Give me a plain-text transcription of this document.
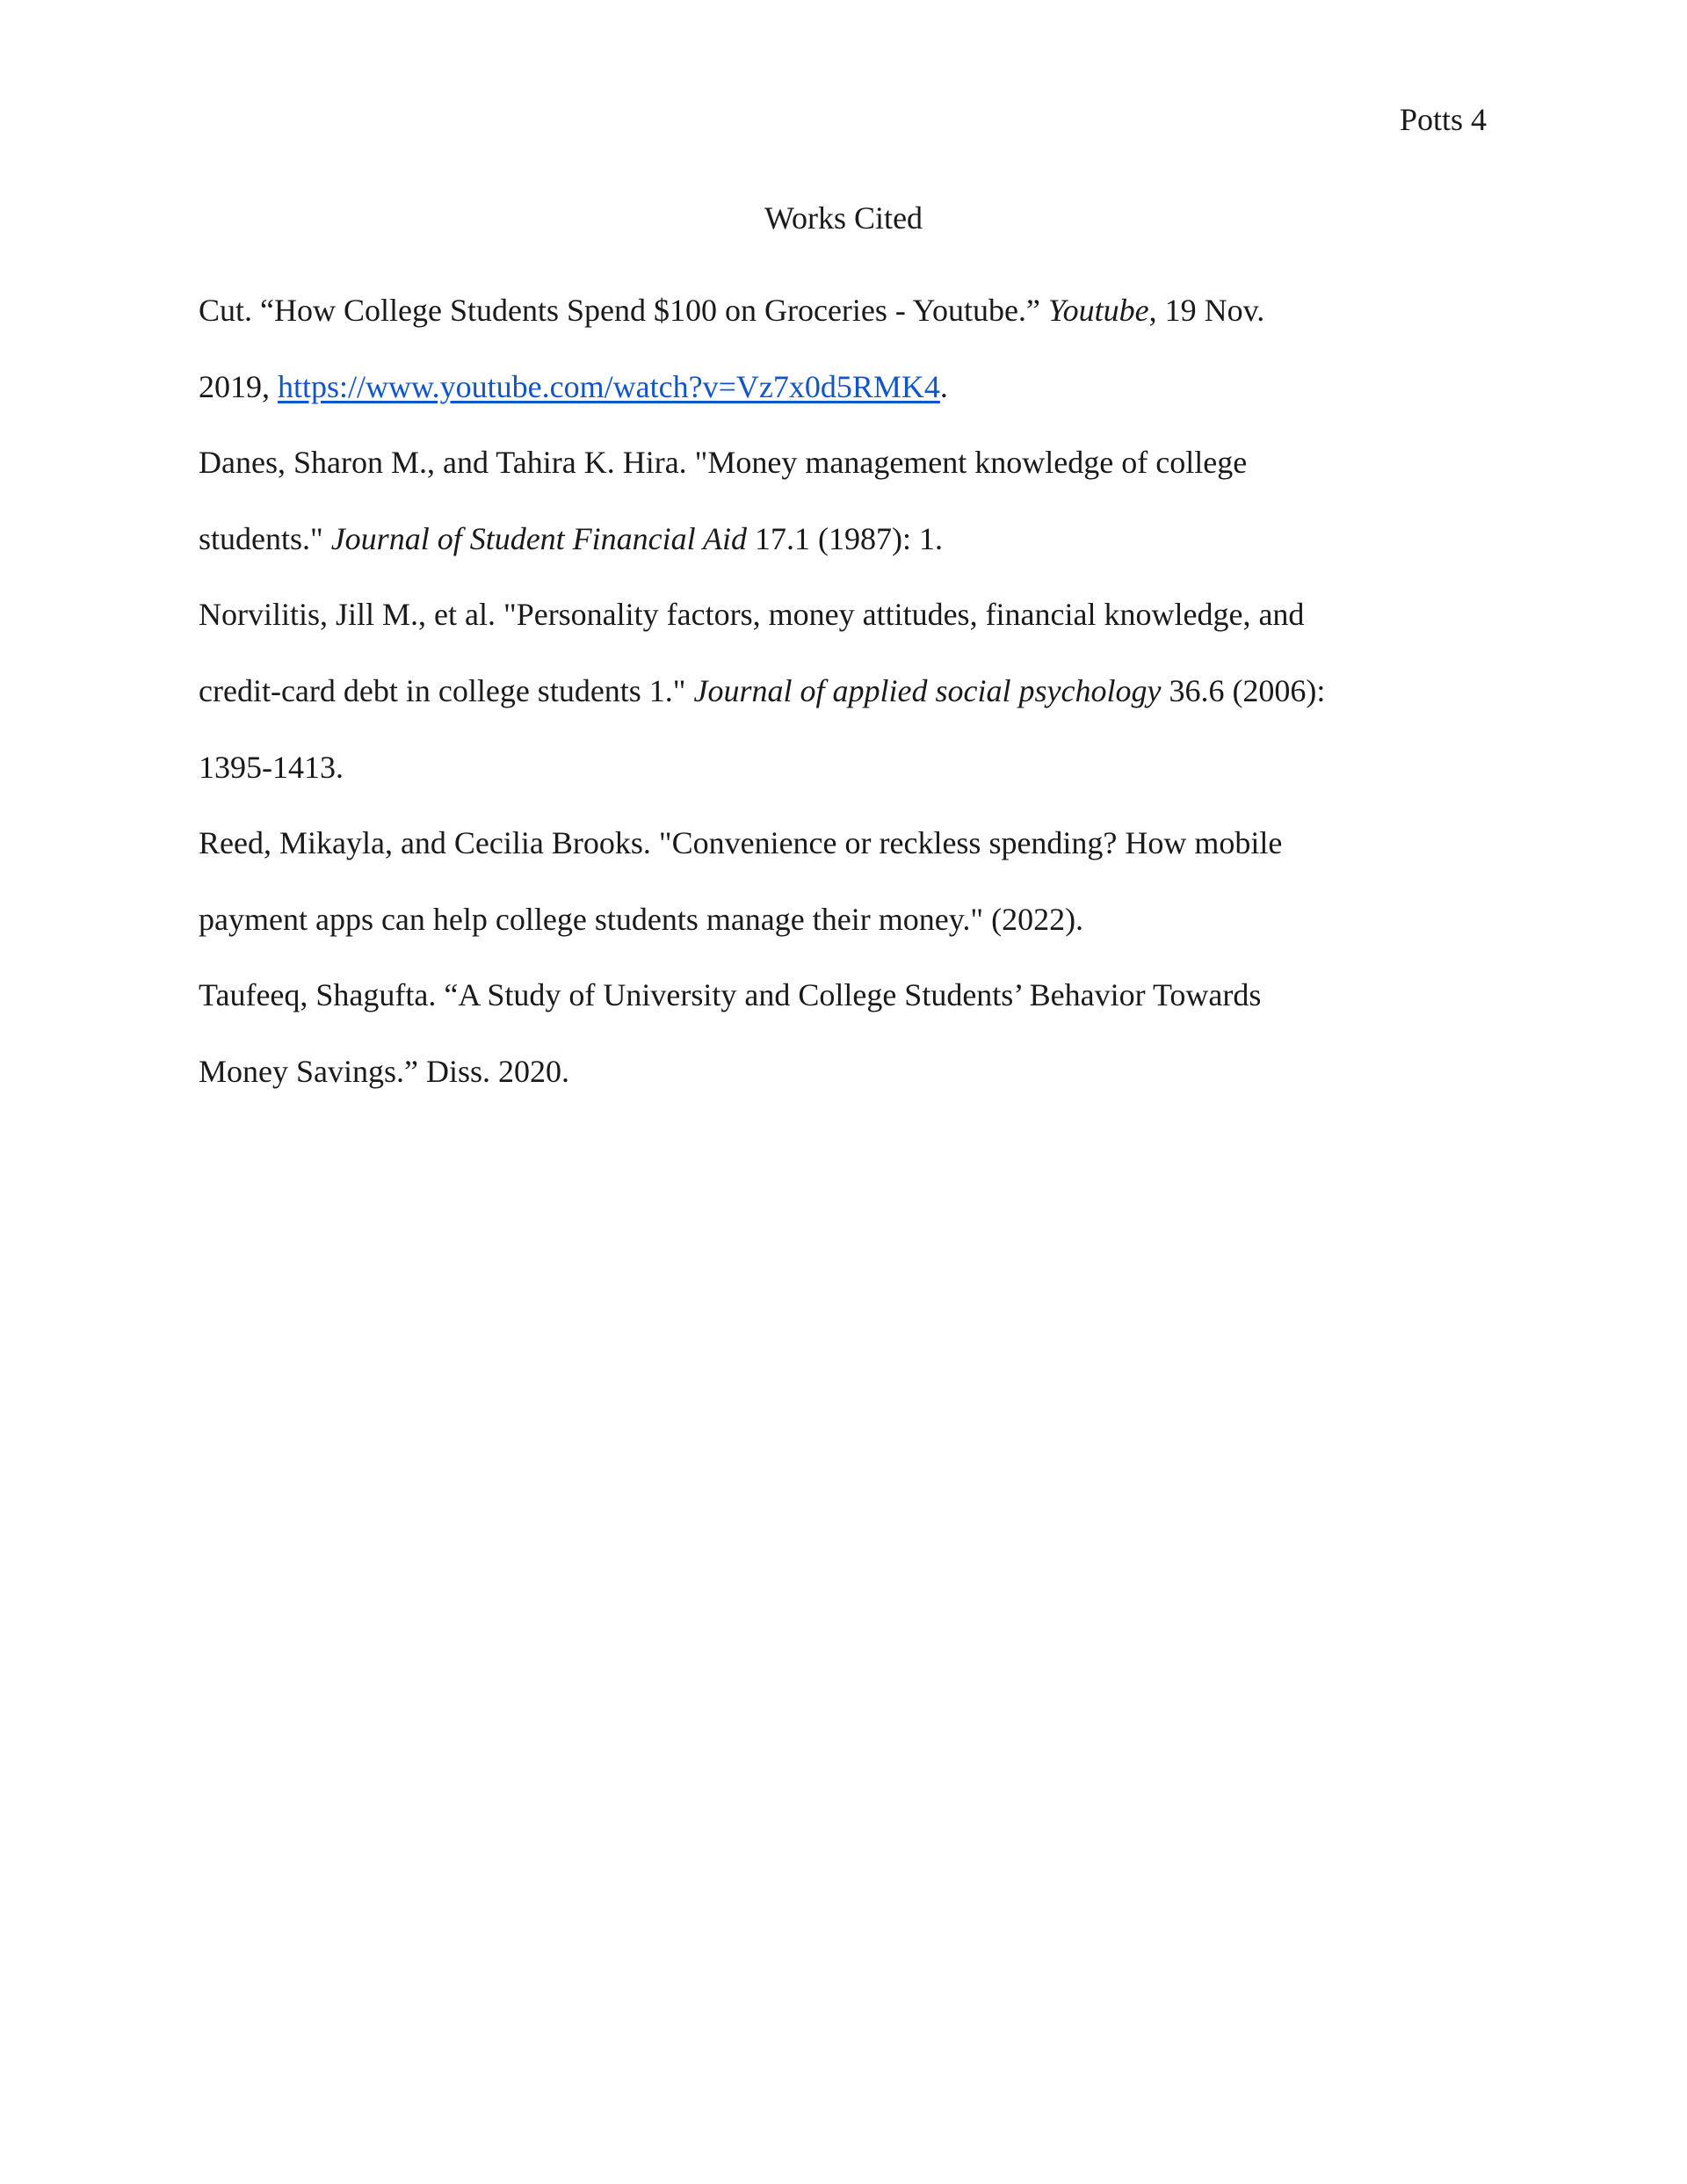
Potts 4
Works Cited
Cut. “How College Students Spend $100 on Groceries - Youtube.” Youtube, 19 Nov.
2019, https://www.youtube.com/watch?v=Vz7x0d5RMK4.
Danes, Sharon M., and Tahira K. Hira. "Money management knowledge of college
students." Journal of Student Financial Aid 17.1 (1987): 1.
Norvilitis, Jill M., et al. "Personality factors, money attitudes, financial knowledge, and
credit‐card debt in college students 1." Journal of applied social psychology 36.6 (2006):
1395-1413.
Reed, Mikayla, and Cecilia Brooks. "Convenience or reckless spending? How mobile
payment apps can help college students manage their money." (2022).
Taufeeq, Shagufta. “A Study of University and College Students’ Behavior Towards
Money Savings.” Diss. 2020.
